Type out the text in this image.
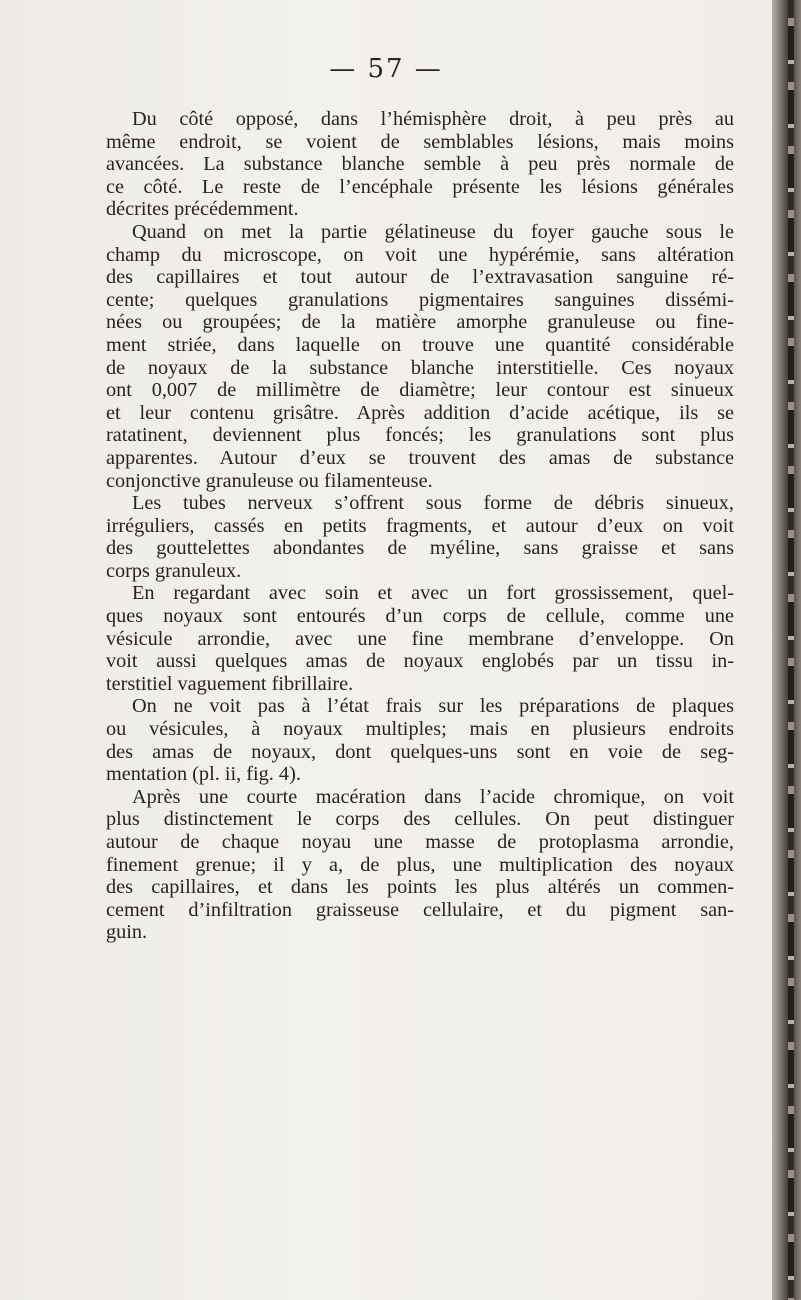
— 57 —
Du côté opposé, dans l’hémisphère droit, à peu près au
même endroit, se voient de semblables lésions, mais moins
avancées. La substance blanche semble à peu près normale de
ce côté. Le reste de l’encéphale présente les lésions générales
décrites précédemment.
Quand on met la partie gélatineuse du foyer gauche sous le
champ du microscope, on voit une hypérémie, sans altération
des capillaires et tout autour de l’extravasation sanguine ré-
cente; quelques granulations pigmentaires sanguines dissémi-
nées ou groupées; de la matière amorphe granuleuse ou fine-
ment striée, dans laquelle on trouve une quantité considérable
de noyaux de la substance blanche interstitielle. Ces noyaux
ont 0,007 de millimètre de diamètre; leur contour est sinueux
et leur contenu grisâtre. Après addition d’acide acétique, ils se
ratatinent, deviennent plus foncés; les granulations sont plus
apparentes. Autour d’eux se trouvent des amas de substance
conjonctive granuleuse ou filamenteuse.
Les tubes nerveux s’offrent sous forme de débris sinueux,
irréguliers, cassés en petits fragments, et autour d’eux on voit
des gouttelettes abondantes de myéline, sans graisse et sans
corps granuleux.
En regardant avec soin et avec un fort grossissement, quel-
ques noyaux sont entourés d’un corps de cellule, comme une
vésicule arrondie, avec une fine membrane d’enveloppe. On
voit aussi quelques amas de noyaux englobés par un tissu in-
terstitiel vaguement fibrillaire.
On ne voit pas à l’état frais sur les préparations de plaques
ou vésicules, à noyaux multiples; mais en plusieurs endroits
des amas de noyaux, dont quelques-uns sont en voie de seg-
mentation (pl. ii, fig. 4).
Après une courte macération dans l’acide chromique, on voit
plus distinctement le corps des cellules. On peut distinguer
autour de chaque noyau une masse de protoplasma arrondie,
finement grenue; il y a, de plus, une multiplication des noyaux
des capillaires, et dans les points les plus altérés un commen-
cement d’infiltration graisseuse cellulaire, et du pigment san-
guin.
